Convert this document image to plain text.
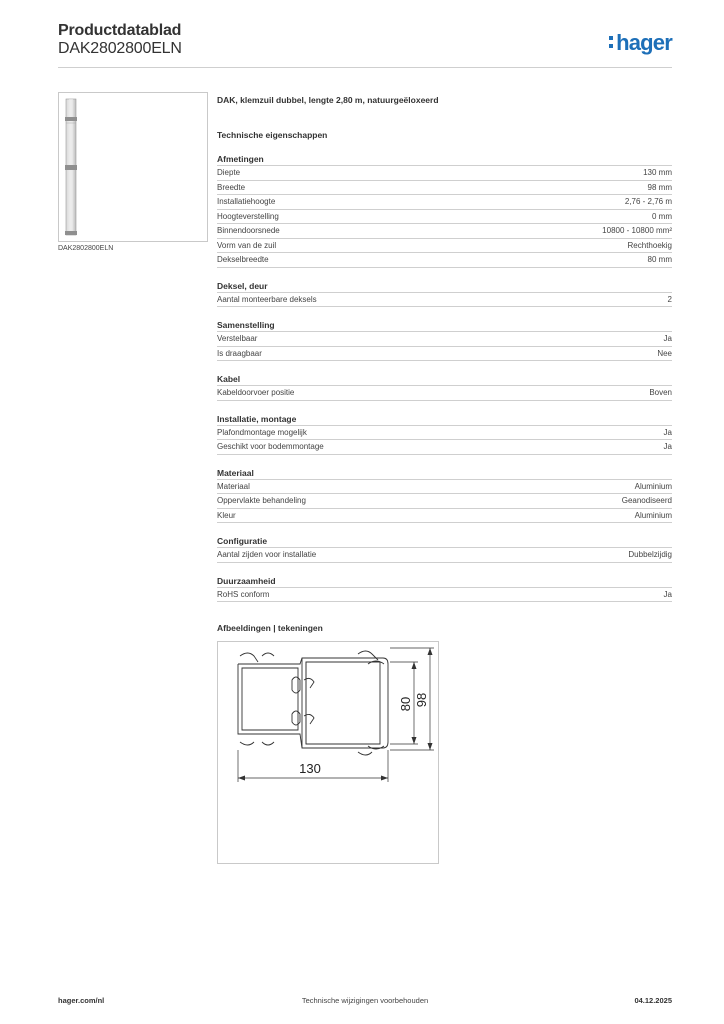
Productdatablad
DAK2802800ELN	hager
DAK2802800ELN
DAK, klemzuil dubbel, lengte 2,80 m, natuurgeëloxeerd
Technische eigenschappen
Afmetingen
Diepte	130 mm
Breedte	98 mm
Installatiehoogte	2,76 - 2,76 m
Hoogteverstelling	0 mm
Binnendoorsnede	10800 - 10800 mm²
Vorm van de zuil	Rechthoekig
Dekselbreedte	80 mm
Deksel, deur
Aantal monteerbare deksels	2
Samenstelling
Verstelbaar	Ja
Is draagbaar	Nee
Kabel
Kabeldoorvoer positie	Boven
Installatie, montage
Plafondmontage mogelijk	Ja
Geschikt voor bodemmontage	Ja
Materiaal
Materiaal	Aluminium
Oppervlakte behandeling	Geanodiseerd
Kleur	Aluminium
Configuratie
Aantal zijden voor installatie	Dubbelzijdig
Duurzaamheid
RoHS conform	Ja
Afbeeldingen | tekeningen
130
80 98
hager.com/nl	Technische wijzigingen voorbehouden	04.12.2025
